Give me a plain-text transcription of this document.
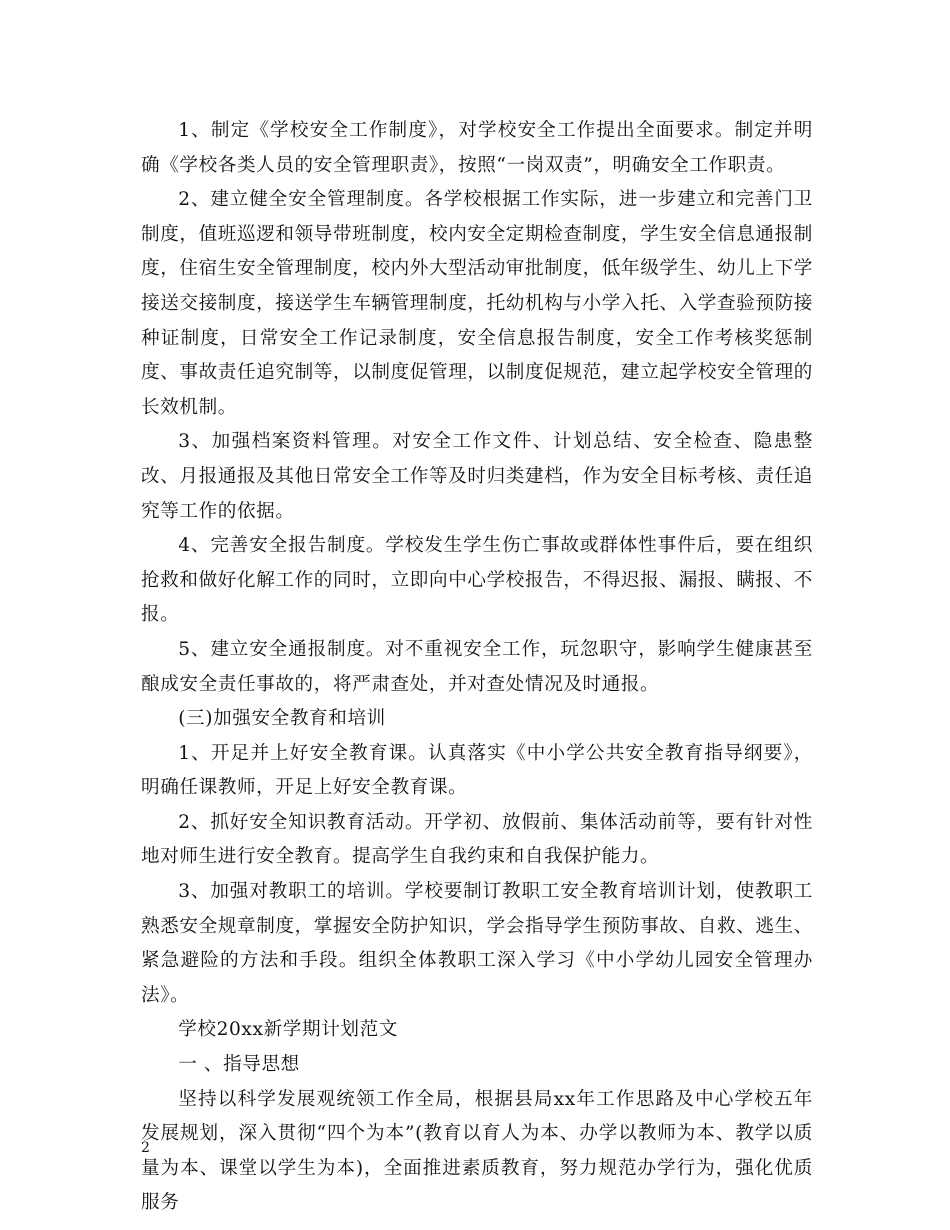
1、制定《学校安全工作制度》，对学校安全工作提出全面要求。制定并明确《学校各类人员的安全管理职责》，按照“一岗双责”，明确安全工作职责。

2、建立健全安全管理制度。各学校根据工作实际，进一步建立和完善门卫制度，值班巡逻和领导带班制度，校内安全定期检查制度，学生安全信息通报制度，住宿生安全管理制度，校内外大型活动审批制度，低年级学生、幼儿上下学接送交接制度，接送学生车辆管理制度，托幼机构与小学入托、入学查验预防接种证制度，日常安全工作记录制度，安全信息报告制度，安全工作考核奖惩制度、事故责任追究制等，以制度促管理，以制度促规范，建立起学校安全管理的长效机制。

3、加强档案资料管理。对安全工作文件、计划总结、安全检查、隐患整改、月报通报及其他日常安全工作等及时归类建档，作为安全目标考核、责任追究等工作的依据。

4、完善安全报告制度。学校发生学生伤亡事故或群体性事件后，要在组织抢救和做好化解工作的同时，立即向中心学校报告，不得迟报、漏报、瞒报、不报。

5、建立安全通报制度。对不重视安全工作，玩忽职守，影响学生健康甚至酿成安全责任事故的，将严肃查处，并对查处情况及时通报。

(三)加强安全教育和培训

1、开足并上好安全教育课。认真落实《中小学公共安全教育指导纲要》，明确任课教师，开足上好安全教育课。

2、抓好安全知识教育活动。开学初、放假前、集体活动前等，要有针对性地对师生进行安全教育。提高学生自我约束和自我保护能力。

3、加强对教职工的培训。学校要制订教职工安全教育培训计划，使教职工熟悉安全规章制度，掌握安全防护知识，学会指导学生预防事故、自救、逃生、紧急避险的方法和手段。组织全体教职工深入学习《中小学幼儿园安全管理办法》。

学校20xx新学期计划范文

一 、指导思想

坚持以科学发展观统领工作全局，根据县局xx年工作思路及中心学校五年发展规划，深入贯彻“四个为本”(教育以育人为本、办学以教师为本、教学以质量为本、课堂以学生为本)，全面推进素质教育，努力规范办学行为，强化优质服务

2
